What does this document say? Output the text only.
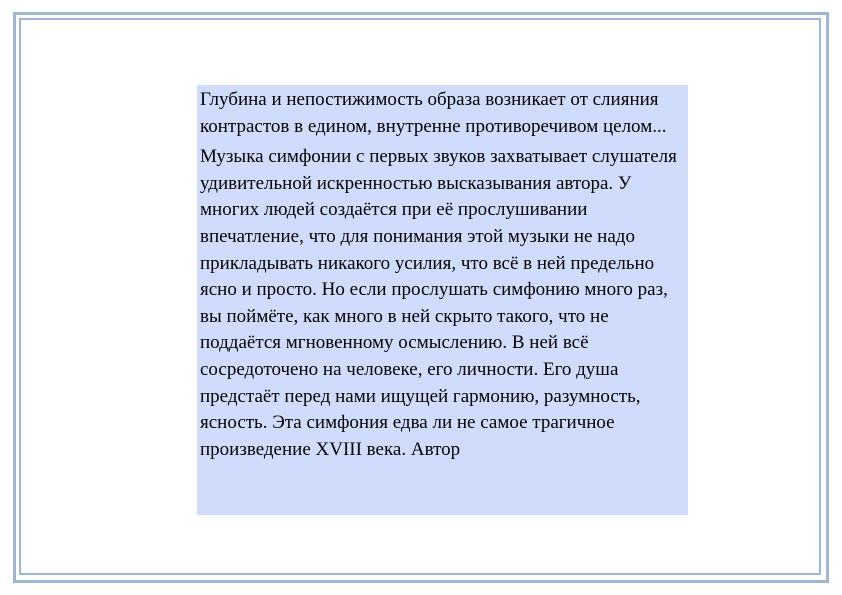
Глубина и непостижимость образа возникает от слияния контрастов в едином, внутренне противоречивом целом...

Музыка симфонии с первых звуков захватывает слушателя удивительной искренностью высказывания автора. У многих людей создаётся при её прослушивании впечатление, что для понимания этой музыки не надо прикладывать никакого усилия, что всё в ней предельно ясно и просто. Но если прослушать симфонию много раз, вы поймёте, как много в ней скрыто такого, что не поддаётся мгновенному осмыслению. В ней всё сосредоточено на человеке, его личности. Его душа предстаёт перед нами ищущей гармонию, разумность, ясность. Эта симфония едва ли не самое трагичное произведение XVIII века. Автор
